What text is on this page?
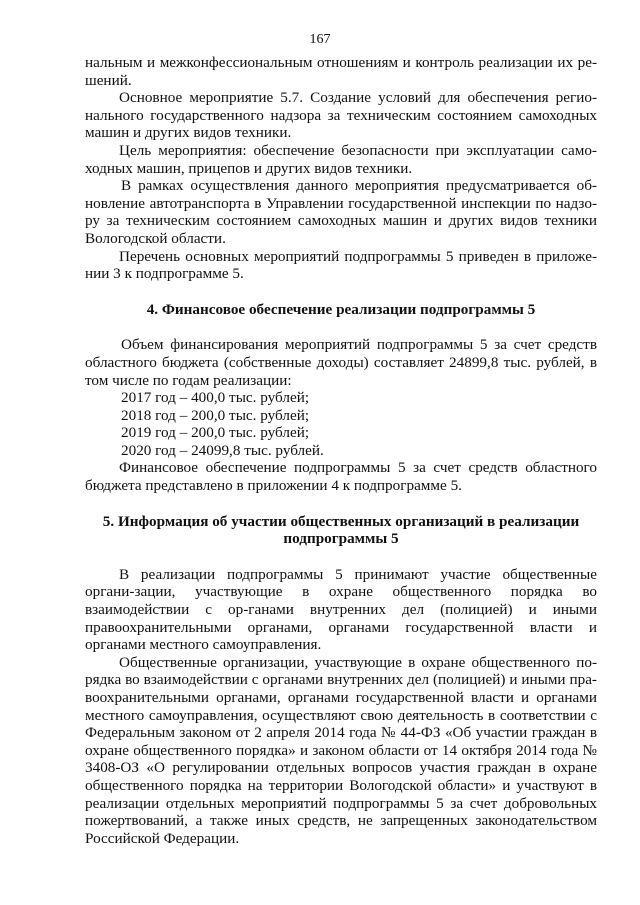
167

нальным и межконфессиональным отношениям и контроль реализации их ре-шений.

Основное мероприятие 5.7. Создание условий для обеспечения регио-нального государственного надзора за техническим состоянием самоходных машин и других видов техники.

Цель мероприятия: обеспечение безопасности при эксплуатации само-ходных машин, прицепов и других видов техники.

В рамках осуществления данного мероприятия предусматривается об-новление автотранспорта в Управлении государственной инспекции по надзо-ру за техническим состоянием самоходных машин и других видов техники Вологодской области.

Перечень основных мероприятий подпрограммы 5 приведен в приложе-нии 3 к подпрограмме 5.

4. Финансовое обеспечение реализации подпрограммы 5

Объем финансирования мероприятий подпрограммы 5 за счет средств областного бюджета (собственные доходы) составляет 24899,8 тыс. рублей, в том числе по годам реализации:

2017 год – 400,0 тыс. рублей;
2018 год – 200,0 тыс. рублей;
2019 год – 200,0 тыс. рублей;
2020 год – 24099,8 тыс. рублей.

Финансовое обеспечение подпрограммы 5 за счет средств областного бюджета представлено в приложении 4 к подпрограмме 5.

5. Информация об участии общественных организаций в реализации
подпрограммы 5

В реализации подпрограммы 5 принимают участие общественные органи-зации, участвующие в охране общественного порядка во взаимодействии с ор-ганами внутренних дел (полицией) и иными правоохранительными органами, органами государственной власти и органами местного самоуправления.

Общественные организации, участвующие в охране общественного по-рядка во взаимодействии с органами внутренних дел (полицией) и иными пра-воохранительными органами, органами государственной власти и органами местного самоуправления, осуществляют свою деятельность в соответствии с Федеральным законом от 2 апреля 2014 года № 44-ФЗ «Об участии граждан в охране общественного порядка» и законом области от 14 октября 2014 года № 3408-ОЗ «О регулировании отдельных вопросов участия граждан в охране общественного порядка на территории Вологодской области» и участвуют в реализации отдельных мероприятий подпрограммы 5 за счет добровольных пожертвований, а также иных средств, не запрещенных законодательством Российской Федерации.
